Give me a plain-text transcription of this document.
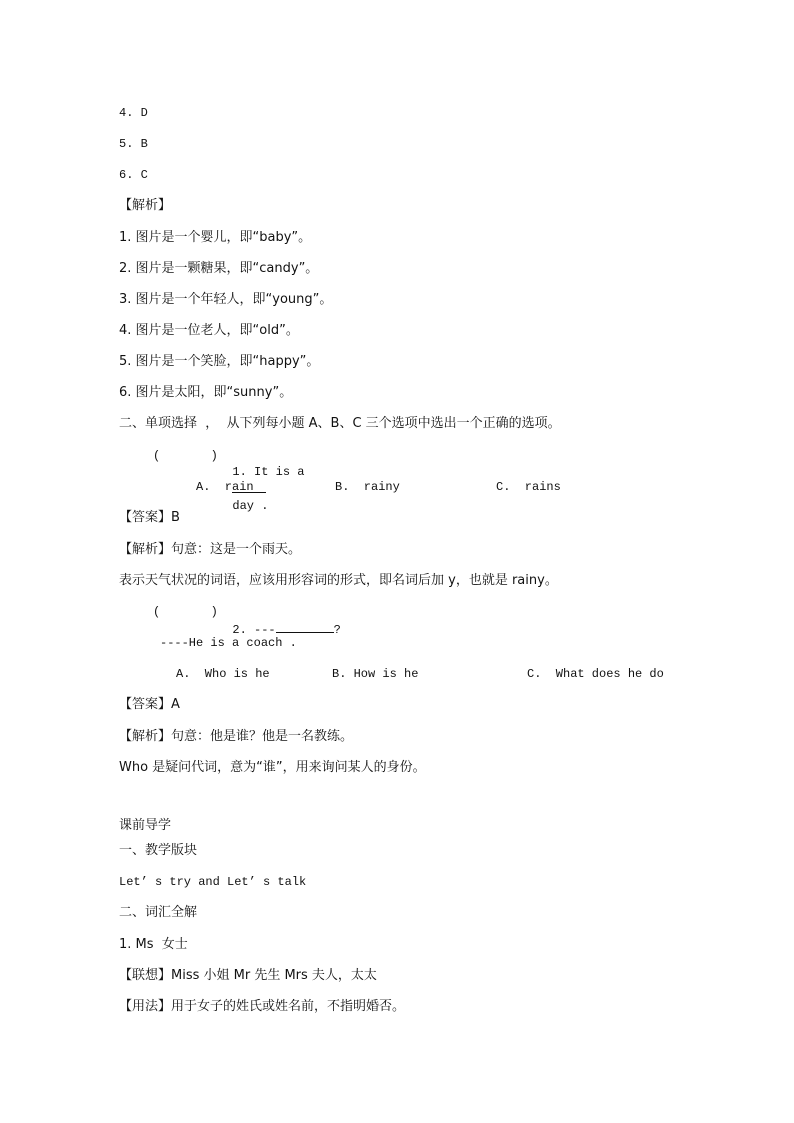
4. D
5. B
6. C
【解析】
1. 图片是一个婴儿，即“baby”。
2. 图片是一颗糖果，即“candy”。
3. 图片是一个年轻人，即“young”。
4. 图片是一位老人，即“old”。
5. 图片是一个笑脸，即“happy”。
6. 图片是太阳，即“sunny”。
二、单项选择  ，  从下列每小题 A、B、C 三个选项中选出一个正确的选项。
(       )

1. It is a

day .

A.  rain	B.  rainy	C.  rains
【答案】B
【解析】句意：这是一个雨天。
表示天气状况的词语，应该用形容词的形式，即名词后加 y，也就是 rainy。
(       )

2. ---	?

----He is a coach .
A.  Who is he	B. How is he	C.  What does he do
【答案】A
【解析】句意：他是谁？他是一名教练。
Who 是疑问代词，意为“谁”，用来询问某人的身份。
课前导学
一、教学版块
Let’ s try and Let’ s talk
二、词汇全解
1. Ms  女士
【联想】Miss 小姐 Mr 先生 Mrs 夫人，太太
【用法】用于女子的姓氏或姓名前，不指明婚否。
